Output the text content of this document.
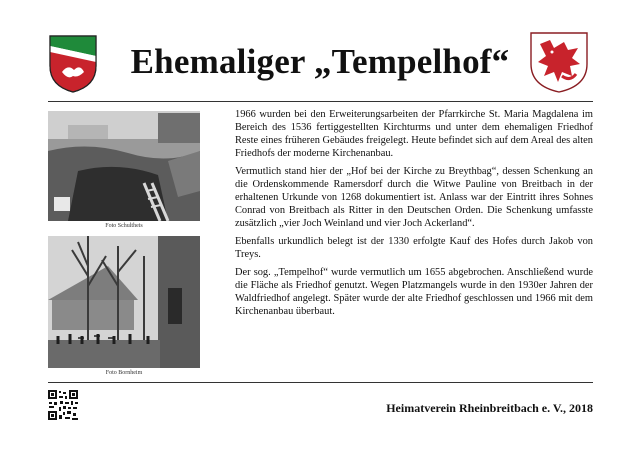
Ehemaliger „Tempelhof“
Foto Schultheis
Foto Bornheim

1966 wurden bei den Erweiterungsarbeiten der Pfarrkirche St. Maria Magdalena im Bereich des 1536 fertiggestellten Kirchturms und unter dem ehemaligen Friedhof Reste eines früheren Gebäudes freigelegt. Heute befindet sich auf dem Areal des alten Friedhofs der moderne Kirchenanbau.

Vermutlich stand hier der „Hof bei der Kirche zu Breythbag“, dessen Schenkung an die Ordenskommende Ramersdorf durch die Witwe Pauline von Breitbach in der erhaltenen Urkunde von 1268 dokumentiert ist. Anlass war der Eintritt ihres Sohnes Conrad von Breitbach als Ritter in den Deutschen Orden. Die Schenkung umfasste zusätzlich „vier Joch Weinland und vier Joch Ackerland“.

Ebenfalls urkundlich belegt ist der 1330 erfolgte Kauf des Hofes durch Jakob von Treys.

Der sog. „Tempelhof“ wurde vermutlich um 1655 abgebrochen. Anschließend wurde die Fläche als Friedhof genutzt. Wegen Platzmangels wurde in den 1930er Jahren der Waldfriedhof angelegt. Später wurde der alte Friedhof geschlossen und 1966 mit dem Kirchenanbau überbaut.

Heimatverein Rheinbreitbach e. V., 2018
